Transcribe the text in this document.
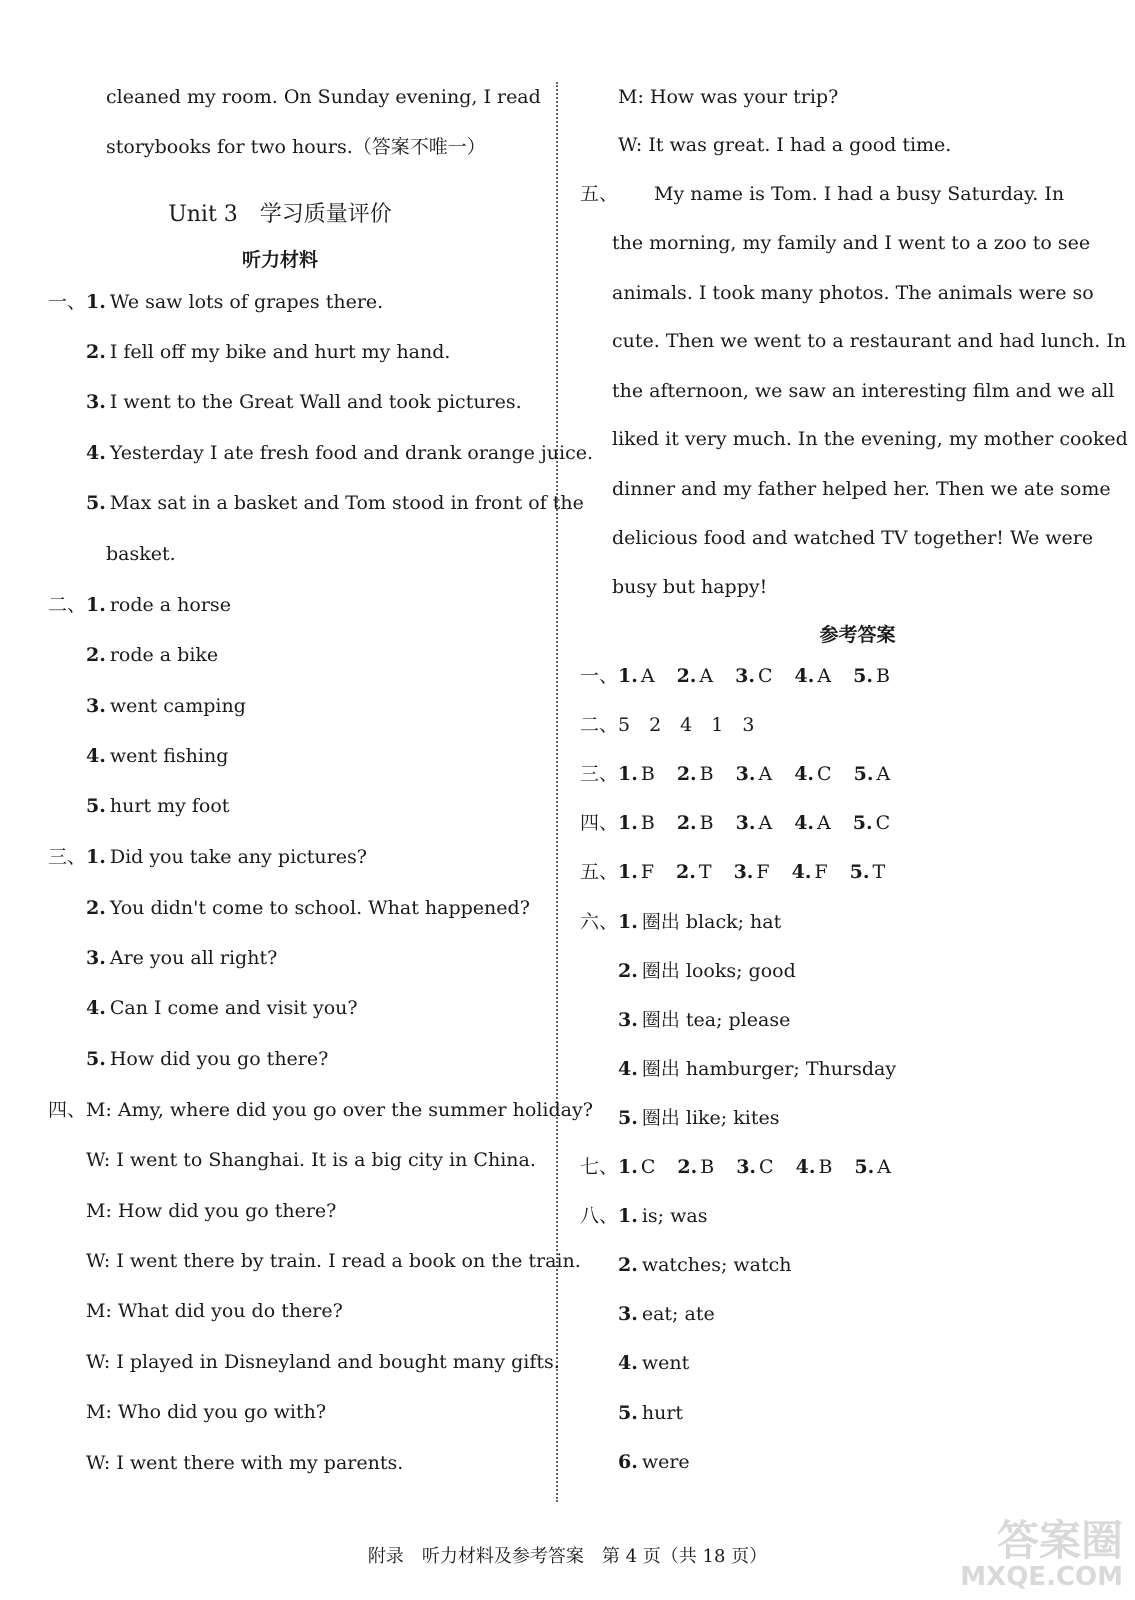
cleaned my room. On Sunday evening, I read
storybooks for two hours.（答案不唯一）
Unit 3　学习质量评价
听力材料
一、 1. We saw lots of grapes there.
2. I fell off my bike and hurt my hand.
3. I went to the Great Wall and took pictures.
4. Yesterday I ate fresh food and drank orange juice.
5. Max sat in a basket and Tom stood in front of the
basket.
二、 1. rode a horse
2. rode a bike
3. went camping
4. went fishing
5. hurt my foot
三、 1. Did you take any pictures?
2. You didn't come to school. What happened?
3. Are you all right?
4. Can I come and visit you?
5. How did you go there?
四、 M: Amy, where did you go over the summer holiday?
W: I went to Shanghai. It is a big city in China.
M: How did you go there?
W: I went there by train. I read a book on the train.
M: What did you do there?
W: I played in Disneyland and bought many gifts.
M: Who did you go with?
W: I went there with my parents.
M: How was your trip?
W: It was great. I had a good time.
五、 My name is Tom. I had a busy Saturday. In
the morning, my family and I went to a zoo to see
animals. I took many photos. The animals were so
cute. Then we went to a restaurant and had lunch. In
the afternoon, we saw an interesting film and we all
liked it very much. In the evening, my mother cooked
dinner and my father helped her. Then we ate some
delicious food and watched TV together! We were
busy but happy!
参考答案
一、 1. A 2. A 3. C 4. A 5. B
二、 5　2　4　1　3
三、 1. B 2. B 3. A 4. C 5. A
四、 1. B 2. B 3. A 4. A 5. C
五、 1. F 2. T 3. F 4. F 5. T
六、 1. 圈出 black; hat
2. 圈出 looks; good
3. 圈出 tea; please
4. 圈出 hamburger; Thursday
5. 圈出 like; kites
七、 1. C 2. B 3. C 4. B 5. A
八、 1. is; was
2. watches; watch
3. eat; ate
4. went
5. hurt
6. were
附录　听力材料及参考答案　第 4 页（共 18 页）	答案圈
MXQE.COM
